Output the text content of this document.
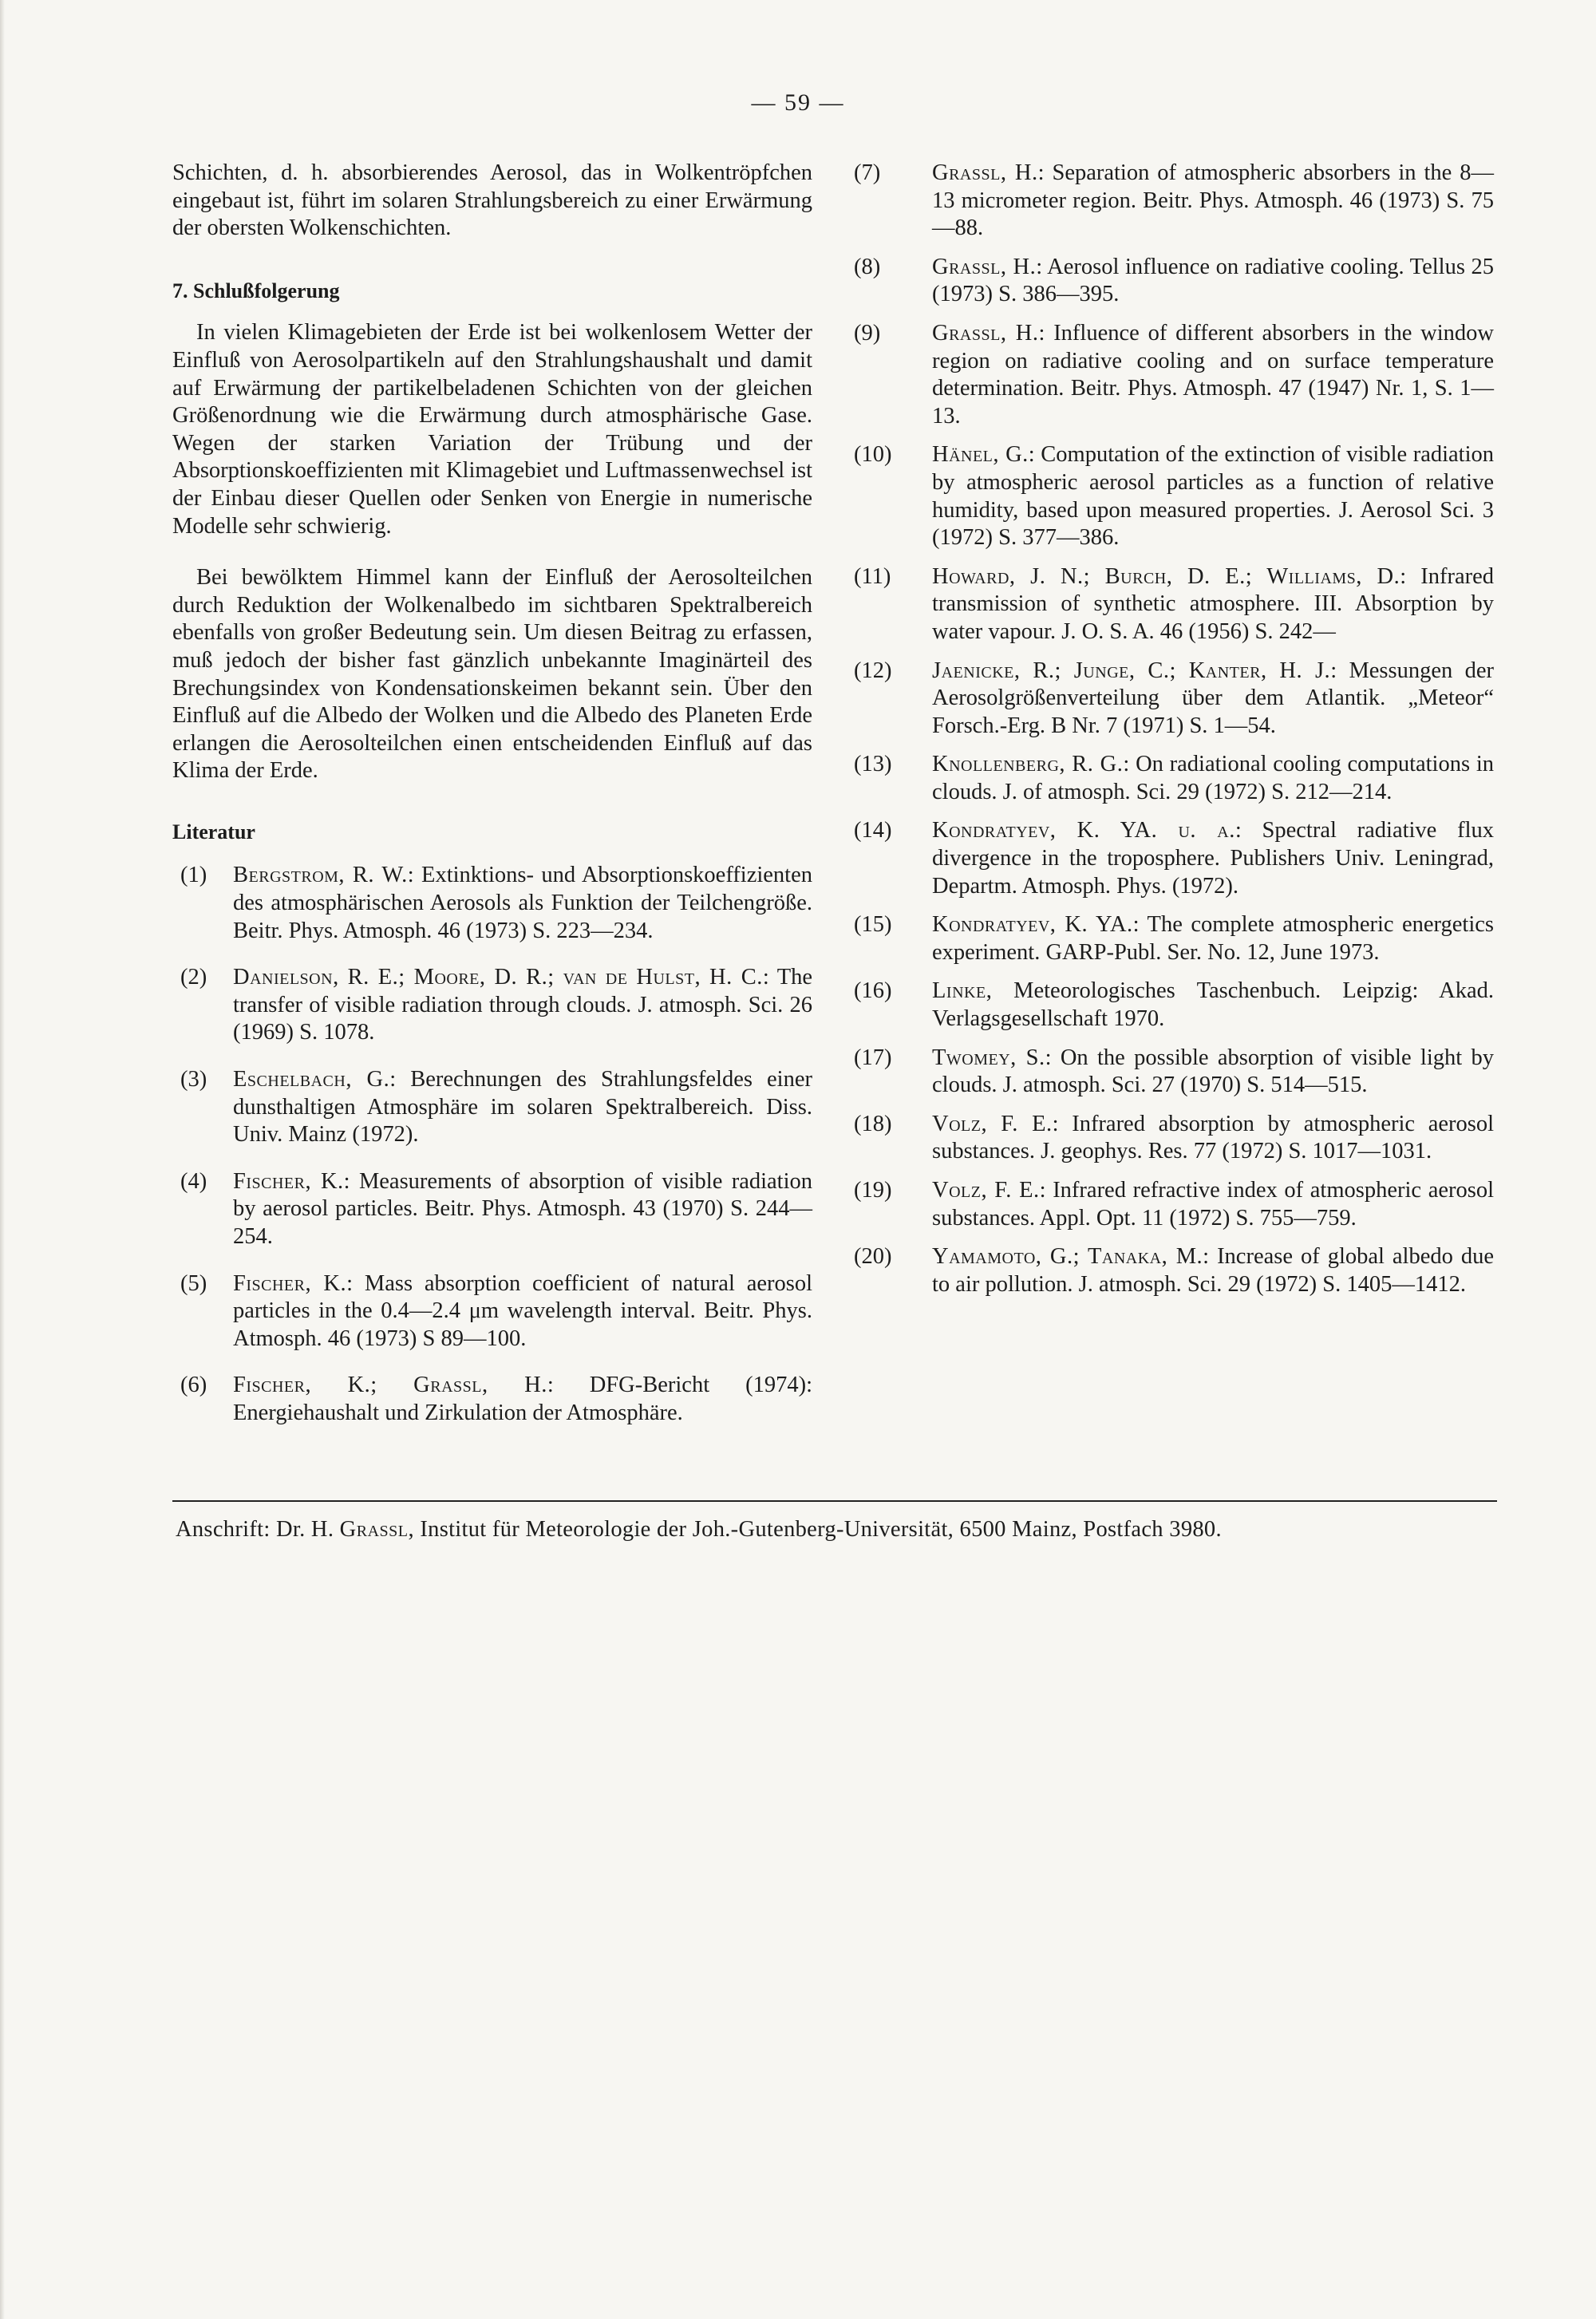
— 59 —

Schichten, d. h. absorbierendes Aerosol, das in Wolkentröpfchen eingebaut ist, führt im solaren Strahlungsbereich zu einer Erwärmung der obersten Wolkenschichten.

7. Schlußfolgerung

In vielen Klimagebieten der Erde ist bei wolkenlosem Wetter der Einfluß von Aerosolpartikeln auf den Strahlungshaushalt und damit auf Erwärmung der partikelbeladenen Schichten von der gleichen Größenordnung wie die Erwärmung durch atmosphärische Gase. Wegen der starken Variation der Trübung und der Absorptionskoeffizienten mit Klimagebiet und Luftmassenwechsel ist der Einbau dieser Quellen oder Senken von Energie in numerische Modelle sehr schwierig.

Bei bewölktem Himmel kann der Einfluß der Aerosolteilchen durch Reduktion der Wolkenalbedo im sichtbaren Spektralbereich ebenfalls von großer Bedeutung sein. Um diesen Beitrag zu erfassen, muß jedoch der bisher fast gänzlich unbekannte Imaginärteil des Brechungsindex von Kondensationskeimen bekannt sein. Über den Einfluß auf die Albedo der Wolken und die Albedo des Planeten Erde erlangen die Aerosolteilchen einen entscheidenden Einfluß auf das Klima der Erde.

Literatur
(1)	Bergstrom, R. W.: Extinktions- und Absorptionskoeffizienten des atmosphärischen Aerosols als Funktion der Teilchengröße. Beitr. Phys. Atmosph. 46 (1973) S. 223—234.
(2)	Danielson, R. E.; Moore, D. R.; van de Hulst, H. C.: The transfer of visible radiation through clouds. J. atmosph. Sci. 26 (1969) S. 1078.
(3)	Eschelbach, G.: Berechnungen des Strahlungsfeldes einer dunsthaltigen Atmosphäre im solaren Spektralbereich. Diss. Univ. Mainz (1972).
(4)	Fischer, K.: Measurements of absorption of visible radiation by aerosol particles. Beitr. Phys. Atmosph. 43 (1970) S. 244—254.
(5)	Fischer, K.: Mass absorption coefficient of natural aerosol particles in the 0.4—2.4 μm wavelength interval. Beitr. Phys. Atmosph. 46 (1973) S 89—100.
(6)	Fischer, K.; Grassl, H.: DFG-Bericht (1974): Energiehaushalt und Zirkulation der Atmosphäre.
(7)	Grassl, H.: Separation of atmospheric absorbers in the 8—13 micrometer region. Beitr. Phys. Atmosph. 46 (1973) S. 75—88.
(8)	Grassl, H.: Aerosol influence on radiative cooling. Tellus 25 (1973) S. 386—395.
(9)	Grassl, H.: Influence of different absorbers in the window region on radiative cooling and on surface temperature determination. Beitr. Phys. Atmosph. 47 (1947) Nr. 1, S. 1—13.
(10)	Hänel, G.: Computation of the extinction of visible radiation by atmospheric aerosol particles as a function of relative humidity, based upon measured properties. J. Aerosol Sci. 3 (1972) S. 377—386.
(11)	Howard, J. N.; Burch, D. E.; Williams, D.: Infrared transmission of synthetic atmosphere. III. Absorption by water vapour. J. O. S. A. 46 (1956) S. 242—
(12)	Jaenicke, R.; Junge, C.; Kanter, H. J.: Messungen der Aerosolgrößenverteilung über dem Atlantik. „Meteor“ Forsch.-Erg. B Nr. 7 (1971) S. 1—54.
(13)	Knollenberg, R. G.: On radiational cooling computations in clouds. J. of atmosph. Sci. 29 (1972) S. 212—214.
(14)	Kondratyev, K. YA. u. a.: Spectral radiative flux divergence in the troposphere. Publishers Univ. Leningrad, Departm. Atmosph. Phys. (1972).
(15)	Kondratyev, K. YA.: The complete atmospheric energetics experiment. GARP-Publ. Ser. No. 12, June 1973.
(16)	Linke, Meteorologisches Taschenbuch. Leipzig: Akad. Verlagsgesellschaft 1970.
(17)	Twomey, S.: On the possible absorption of visible light by clouds. J. atmosph. Sci. 27 (1970) S. 514—515.
(18)	Volz, F. E.: Infrared absorption by atmospheric aerosol substances. J. geophys. Res. 77 (1972) S. 1017—1031.
(19)	Volz, F. E.: Infrared refractive index of atmospheric aerosol substances. Appl. Opt. 11 (1972) S. 755—759.
(20)	Yamamoto, G.; Tanaka, M.: Increase of global albedo due to air pollution. J. atmosph. Sci. 29 (1972) S. 1405—1412.
Anschrift: Dr. H. Grassl, Institut für Meteorologie der Joh.-Gutenberg-Universität, 6500 Mainz, Postfach 3980.
